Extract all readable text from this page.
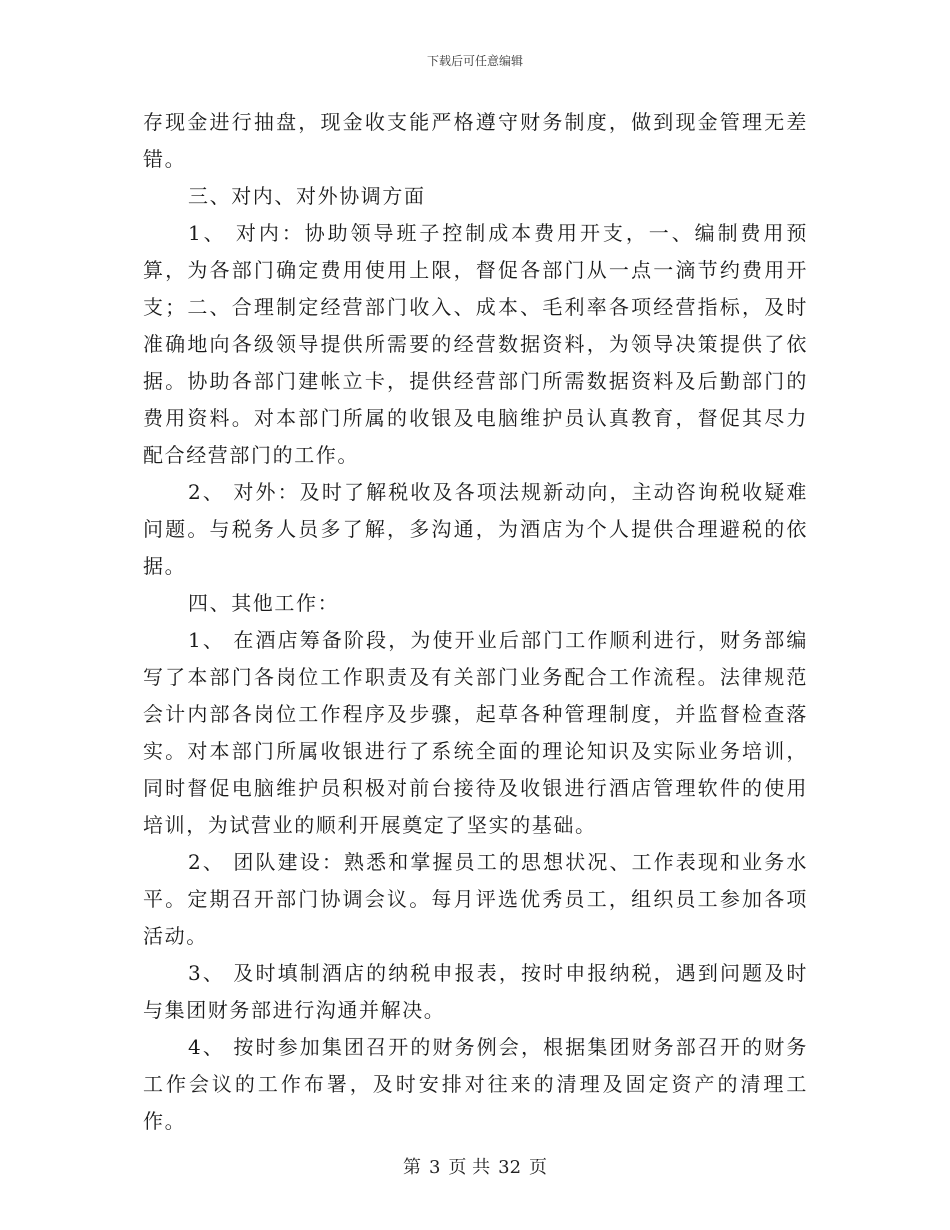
下载后可任意编辑

存现金进行抽盘，现金收支能严格遵守财务制度，做到现金管理无差错。

三、对内、对外协调方面

1、 对内：协助领导班子控制成本费用开支，一、编制费用预算，为各部门确定费用使用上限，督促各部门从一点一滴节约费用开支；二、合理制定经营部门收入、成本、毛利率各项经营指标，及时准确地向各级领导提供所需要的经营数据资料，为领导决策提供了依据。协助各部门建帐立卡，提供经营部门所需数据资料及后勤部门的费用资料。对本部门所属的收银及电脑维护员认真教育，督促其尽力配合经营部门的工作。

2、 对外：及时了解税收及各项法规新动向，主动咨询税收疑难问题。与税务人员多了解，多沟通，为酒店为个人提供合理避税的依据。

四、其他工作：

1、 在酒店筹备阶段，为使开业后部门工作顺利进行，财务部编写了本部门各岗位工作职责及有关部门业务配合工作流程。法律规范会计内部各岗位工作程序及步骤，起草各种管理制度，并监督检查落实。对本部门所属收银进行了系统全面的理论知识及实际业务培训，同时督促电脑维护员积极对前台接待及收银进行酒店管理软件的使用培训，为试营业的顺利开展奠定了坚实的基础。

2、 团队建设：熟悉和掌握员工的思想状况、工作表现和业务水平。定期召开部门协调会议。每月评选优秀员工，组织员工参加各项活动。

3、 及时填制酒店的纳税申报表，按时申报纳税，遇到问题及时与集团财务部进行沟通并解决。

4、 按时参加集团召开的财务例会，根据集团财务部召开的财务工作会议的工作布署，及时安排对往来的清理及固定资产的清理工作。

第 3 页 共 32 页
